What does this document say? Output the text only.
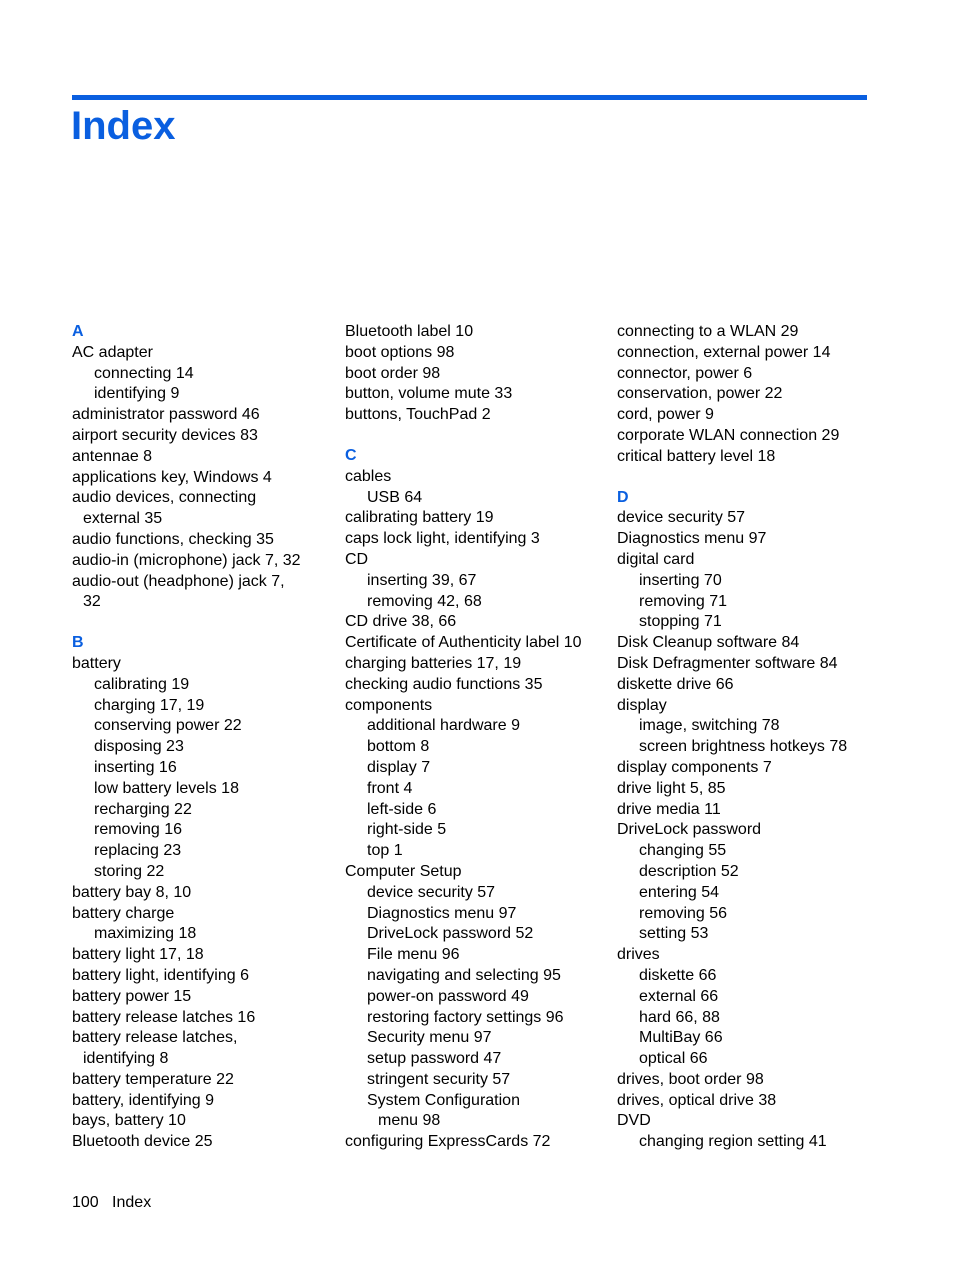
Index
A
AC adapter
connecting 14
identifying 9
administrator password 46
airport security devices 83
antennae 8
applications key, Windows 4
audio devices, connecting
external 35
audio functions, checking 35
audio-in (microphone) jack 7, 32
audio-out (headphone) jack 7,
32
B
battery
calibrating 19
charging 17, 19
conserving power 22
disposing 23
inserting 16
low battery levels 18
recharging 22
removing 16
replacing 23
storing 22
battery bay 8, 10
battery charge
maximizing 18
battery light 17, 18
battery light, identifying 6
battery power 15
battery release latches 16
battery release latches,
identifying 8
battery temperature 22
battery, identifying 9
bays, battery 10
Bluetooth device 25
Bluetooth label 10
boot options 98
boot order 98
button, volume mute 33
buttons, TouchPad 2
C
cables
USB 64
calibrating battery 19
caps lock light, identifying 3
CD
inserting 39, 67
removing 42, 68
CD drive 38, 66
Certificate of Authenticity label 10
charging batteries 17, 19
checking audio functions 35
components
additional hardware 9
bottom 8
display 7
front 4
left-side 6
right-side 5
top 1
Computer Setup
device security 57
Diagnostics menu 97
DriveLock password 52
File menu 96
navigating and selecting 95
power-on password 49
restoring factory settings 96
Security menu 97
setup password 47
stringent security 57
System Configuration
menu 98
configuring ExpressCards 72
connecting to a WLAN 29
connection, external power 14
connector, power 6
conservation, power 22
cord, power 9
corporate WLAN connection 29
critical battery level 18
D
device security 57
Diagnostics menu 97
digital card
inserting 70
removing 71
stopping 71
Disk Cleanup software 84
Disk Defragmenter software 84
diskette drive 66
display
image, switching 78
screen brightness hotkeys 78
display components 7
drive light 5, 85
drive media 11
DriveLock password
changing 55
description 52
entering 54
removing 56
setting 53
drives
diskette 66
external 66
hard 66, 88
MultiBay 66
optical 66
drives, boot order 98
drives, optical drive 38
DVD
changing region setting 41
100 Index
